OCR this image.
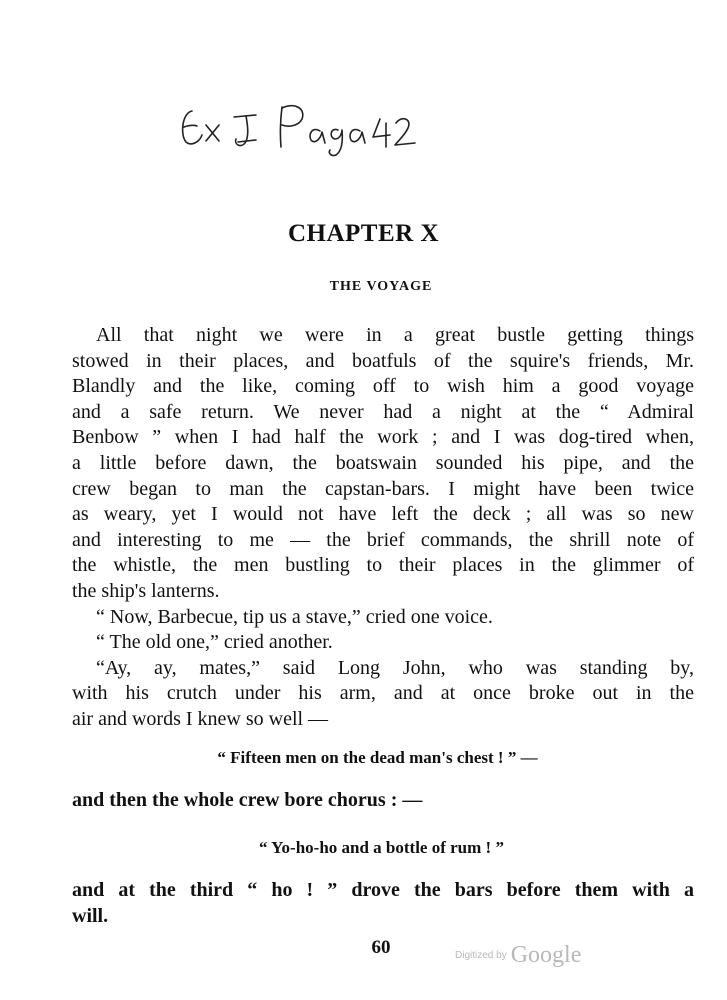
CHAPTER X
THE VOYAGE
All that night we were in a great bustle getting things
stowed in their places, and boatfuls of the squire's friends, Mr.
Blandly and the like, coming off to wish him a good voyage
and a safe return. We never had a night at the “ Admiral
Benbow ” when I had half the work ; and I was dog-tired when,
a little before dawn, the boatswain sounded his pipe, and the
crew began to man the capstan-bars. I might have been twice
as weary, yet I would not have left the deck ; all was so new
and interesting to me — the brief commands, the shrill note of
the whistle, the men bustling to their places in the glimmer of
the ship's lanterns.
“ Now, Barbecue, tip us a stave,” cried one voice.
“ The old one,” cried another.
“Ay, ay, mates,” said Long John, who was standing by,
with his crutch under his arm, and at once broke out in the
air and words I knew so well —
“ Fifteen men on the dead man's chest ! ” —
and then the whole crew bore chorus : —
“ Yo-ho-ho and a bottle of rum ! ”
and at the third “ ho ! ” drove the bars before them with a
will.
60	Digitized by Google
